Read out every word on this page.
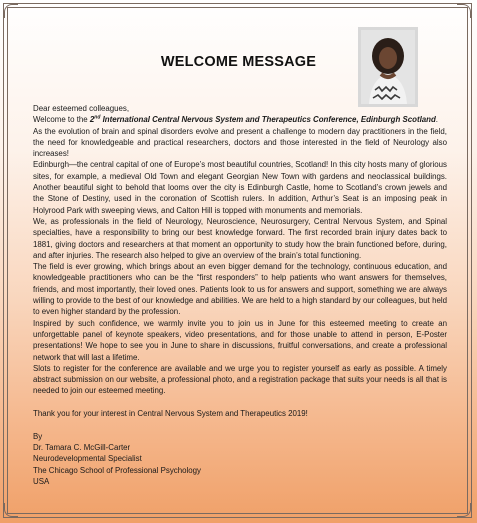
WELCOME MESSAGE

Dear esteemed colleagues,

Welcome to the 2nd International Central Nervous System and Therapeutics Conference, Edinburgh Scotland.

As the evolution of brain and spinal disorders evolve and present a challenge to modern day practitioners in the field, the need for knowledgeable and practical researchers, doctors and those interested in the field of Neurology also increases!

Edinburgh—the central capital of one of Europe’s most beautiful countries, Scotland! In this city hosts many of glorious sites, for example, a medieval Old Town and elegant Georgian New Town with gardens and neoclassical buildings. Another beautiful sight to behold that looms over the city is Edinburgh Castle, home to Scotland’s crown jewels and the Stone of Destiny, used in the coronation of Scottish rulers. In addition, Arthur’s Seat is an imposing peak in Holyrood Park with sweeping views, and Calton Hill is topped with monuments and memorials.

We, as professionals in the field of Neurology, Neuroscience, Neurosurgery, Central Nervous System, and Spinal specialties, have a responsibility to bring our best knowledge forward. The first recorded brain injury dates back to 1881, giving doctors and researchers at that moment an opportunity to study how the brain functioned before, during, and after injuries. The research also helped to give an overview of the brain’s total functioning.

The field is ever growing, which brings about an even bigger demand for the technology, continuous education, and knowledgeable practitioners who can be the “first responders” to help patients who want answers for themselves, friends, and most importantly, their loved ones. Patients look to us for answers and support, something we are always willing to provide to the best of our knowledge and abilities. We are held to a high standard by our colleagues, but held to even higher standard by the profession.

Inspired by such confidence, we warmly invite you to join us in June for this esteemed meeting to create an unforgettable panel of keynote speakers, video presentations, and for those unable to attend in person, E-Poster presentations! We hope to see you in June to share in discussions, fruitful conversations, and create a professional network that will last a lifetime.

Slots to register for the conference are available and we urge you to register yourself as early as possible. A timely abstract submission on our website, a professional photo, and a registration package that suits your needs is all that is needed to join our esteemed meeting.

Thank you for your interest in Central Nervous System and Therapeutics 2019!

By

Dr. Tamara C. McGill-Carter

Neurodevelopmental Specialist

The Chicago School of Professional Psychology

USA
